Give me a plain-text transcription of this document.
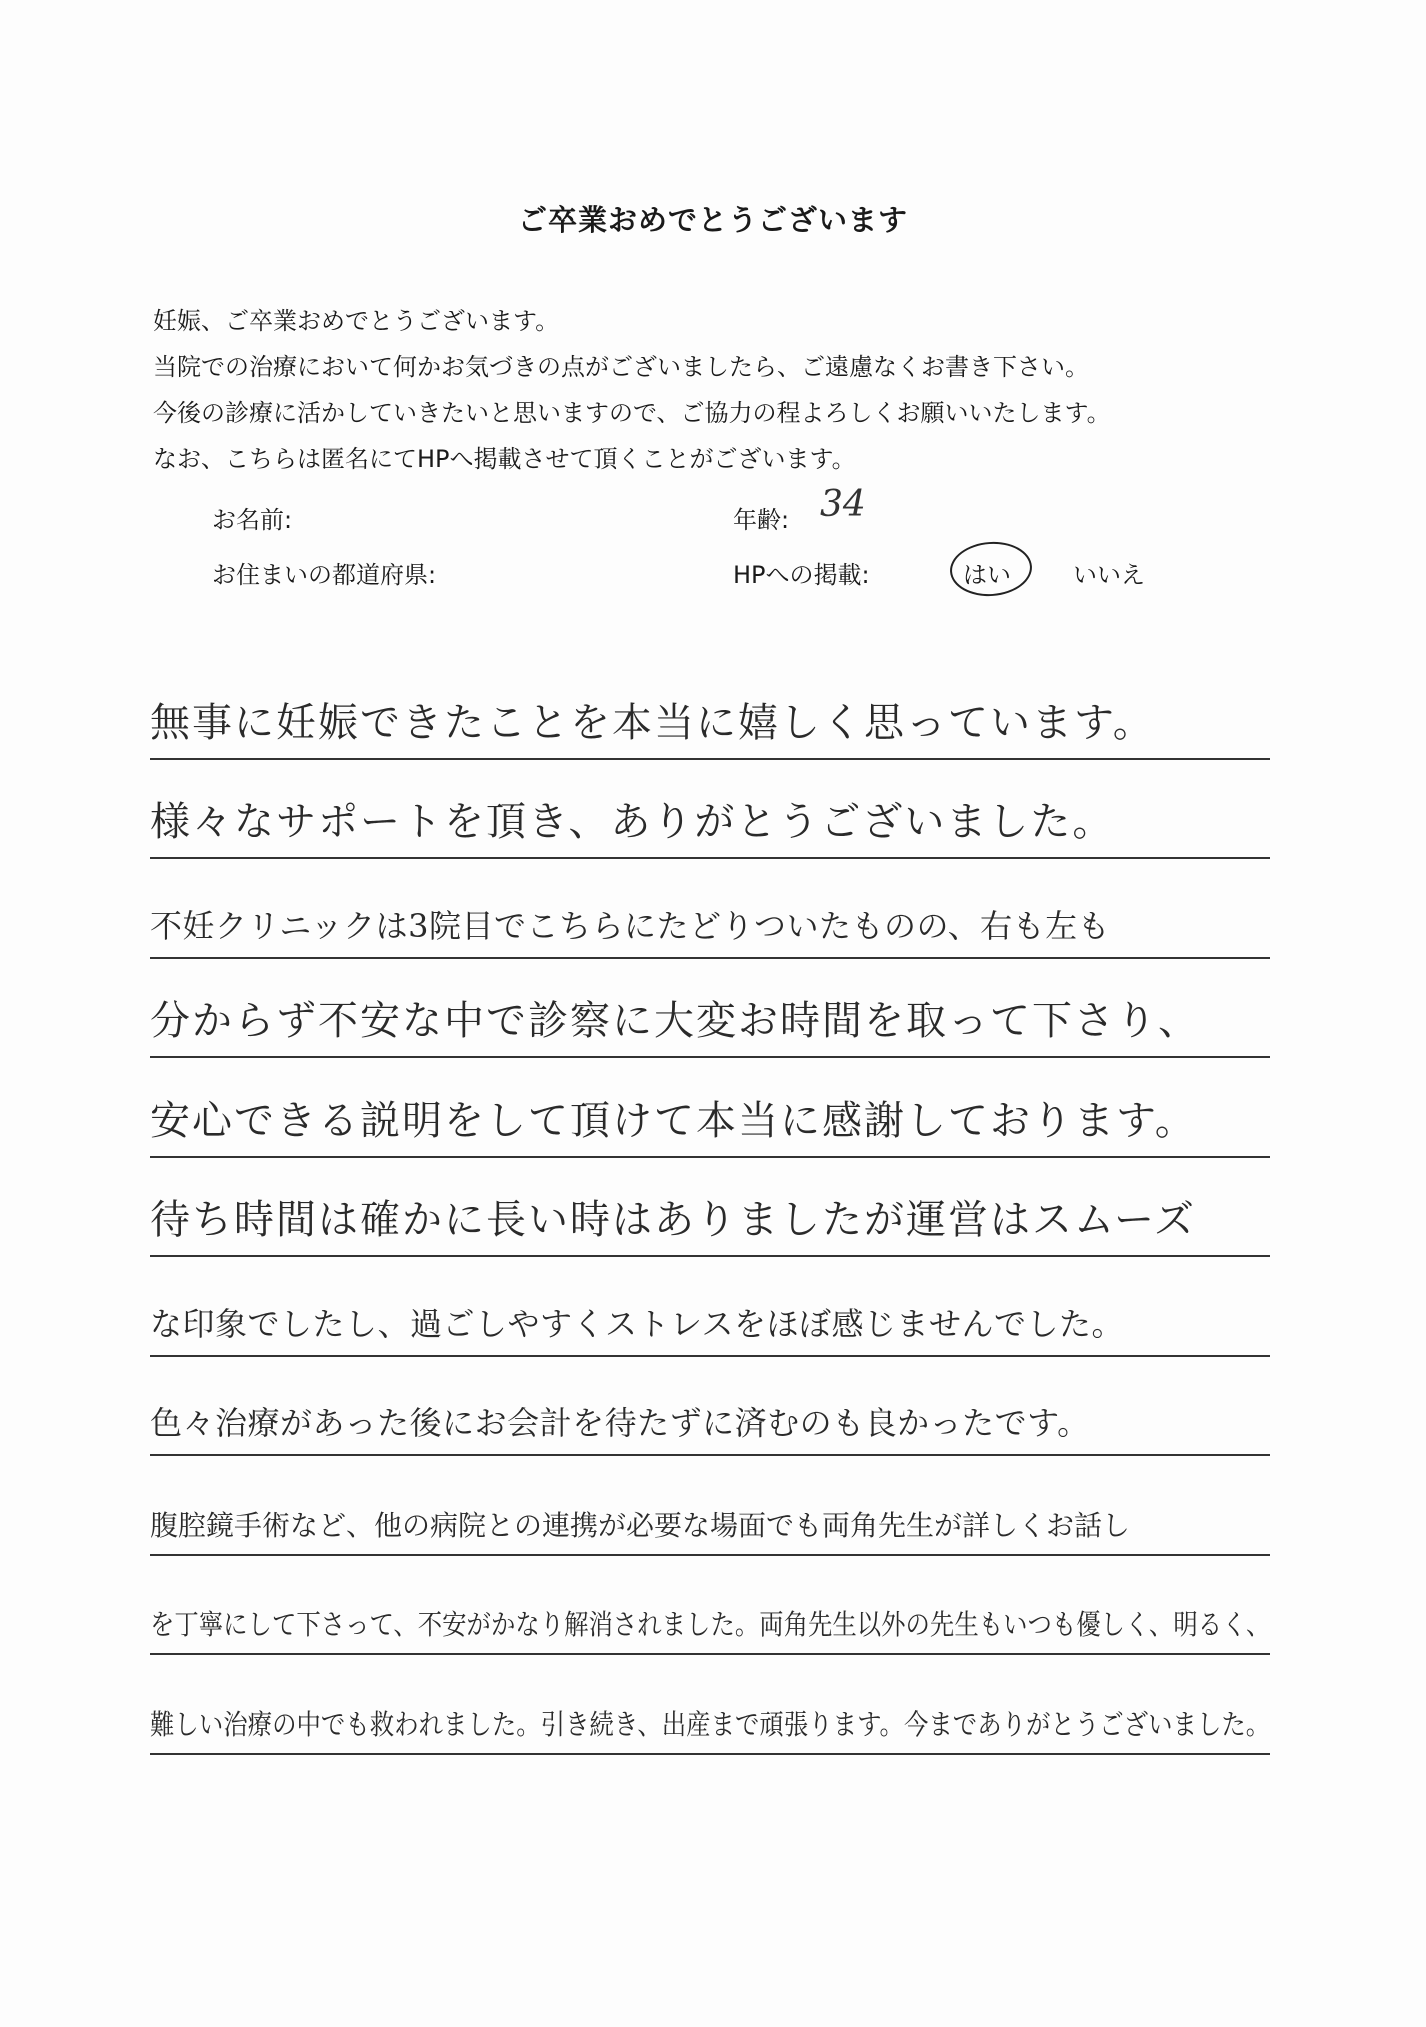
ご卒業おめでとうございます
妊娠、ご卒業おめでとうございます。
当院での治療において何かお気づきの点がございましたら、ご遠慮なくお書き下さい。
今後の診療に活かしていきたいと思いますので、ご協力の程よろしくお願いいたします。
なお、こちらは匿名にてHPへ掲載させて頂くことがございます。
お名前:	年齢: 34
お住まいの都道府県:	HPへの掲載:	はい	いいえ
無事に妊娠できたことを本当に嬉しく思っています。
様々なサポートを頂き、ありがとうございました。
不妊クリニックは3院目でこちらにたどりついたものの、右も左も
分からず不安な中で診察に大変お時間を取って下さり、
安心できる説明をして頂けて本当に感謝しております。
待ち時間は確かに長い時はありましたが運営はスムーズ
な印象でしたし、過ごしやすくストレスをほぼ感じませんでした。
色々治療があった後にお会計を待たずに済むのも良かったです。
腹腔鏡手術など、他の病院との連携が必要な場面でも両角先生が詳しくお話し
を丁寧にして下さって、不安がかなり解消されました。両角先生以外の先生もいつも優しく、明るく、
難しい治療の中でも救われました。引き続き、出産まで頑張ります。今までありがとうございました。
